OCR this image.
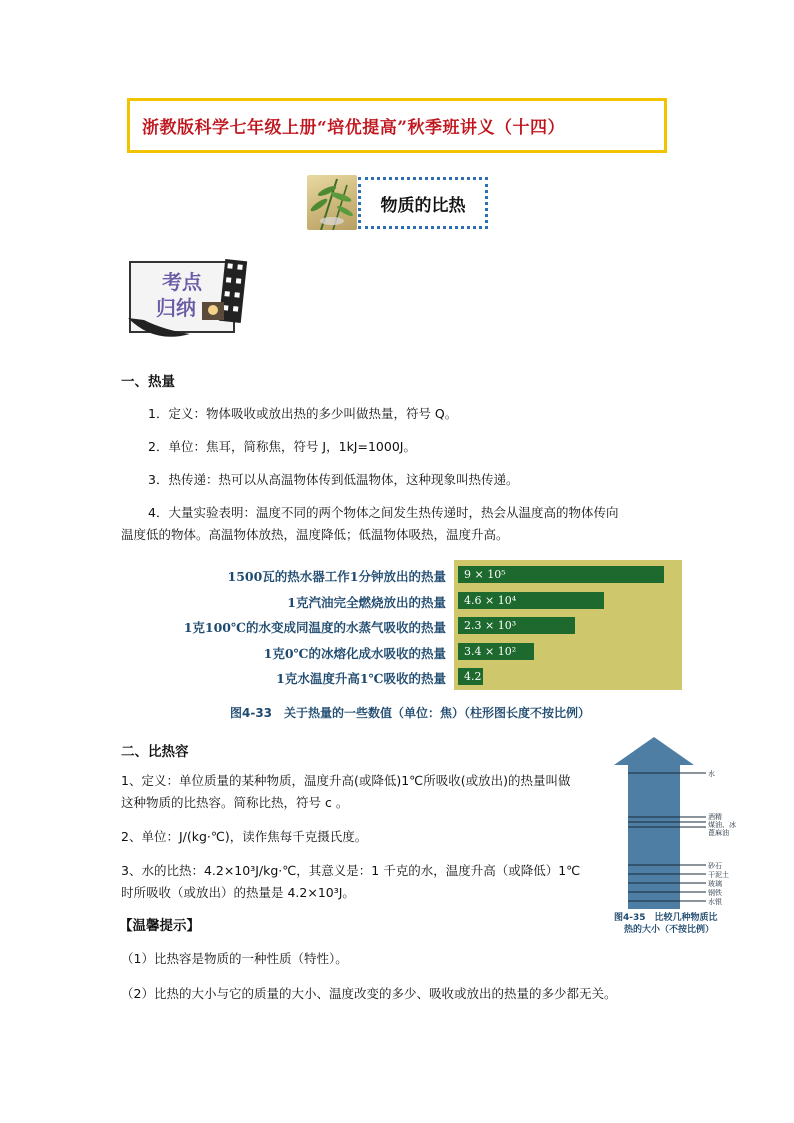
浙教版科学七年级上册“培优提高”秋季班讲义（十四）
物质的比热
考点
归纳
一、热量
1．定义：物体吸收或放出热的多少叫做热量，符号 Q。
2．单位：焦耳，简称焦，符号 J，1kJ=1000J。
3．热传递：热可以从高温物体传到低温物体，这种现象叫热传递。
4．大量实验表明：温度不同的两个物体之间发生热传递时，热会从温度高的物体传向
温度低的物体。高温物体放热，温度降低；低温物体吸热，温度升高。
9 × 10⁵
4.6 × 10⁴
2.3 × 10³
3.4 × 10²
4.2
1500瓦的热水器工作1分钟放出的热量
1克汽油完全燃烧放出的热量
1克100℃的水变成同温度的水蒸气吸收的热量
1克0℃的冰熔化成水吸收的热量
1克水温度升高1℃吸收的热量
图4-33　关于热量的一些数值（单位：焦）（柱形图长度不按比例）
二、比热容
1、定义：单位质量的某种物质，温度升高(或降低)1℃所吸收(或放出)的热量叫做
这种物质的比热容。简称比热，符号 c 。
2、单位：J/(kg·℃)，读作焦每千克摄氏度。
3、水的比热：4.2×10³J/kg·℃，其意义是：1 千克的水，温度升高（或降低）1℃
时所吸收（或放出）的热量是 4.2×10³J。
水
酒精
煤油、冰
蓖麻油
砂石
干泥土
玻璃
钢铁
水银
图4-35　比较几种物质比
热的大小（不按比例）
【温馨提示】
（1）比热容是物质的一种性质（特性）。
（2）比热的大小与它的质量的大小、温度改变的多少、吸收或放出的热量的多少都无关。
